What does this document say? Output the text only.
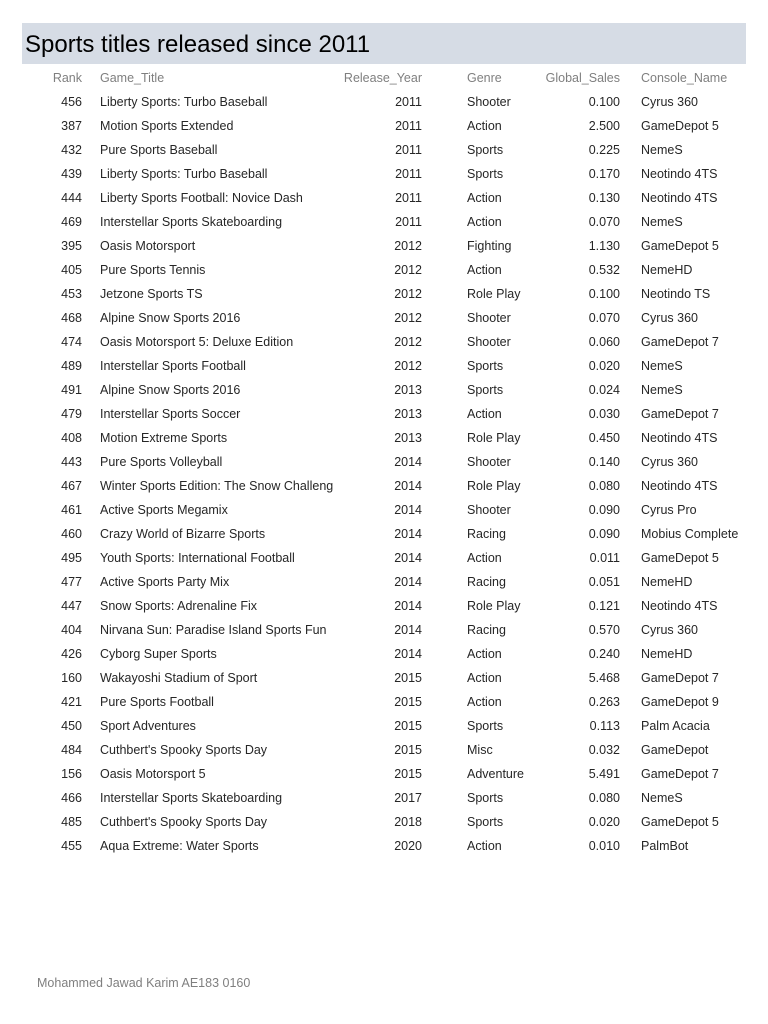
Sports titles released since 2011
Rank Game_Title	Release_Year	Genre	Global_Sales Console_Name
456 Liberty Sports: Turbo Baseball	2011	Shooter	0.100 Cyrus 360
387 Motion Sports Extended	2011	Action	2.500 GameDepot 5
432 Pure Sports Baseball	2011	Sports	0.225 NemeS
439 Liberty Sports: Turbo Baseball	2011	Sports	0.170 Neotindo 4TS
444 Liberty Sports Football: Novice Dash	2011	Action	0.130 Neotindo 4TS
469 Interstellar Sports Skateboarding	2011	Action	0.070 NemeS
395 Oasis Motorsport	2012	Fighting	1.130 GameDepot 5
405 Pure Sports Tennis	2012	Action	0.532 NemeHD
453 Jetzone Sports TS	2012	Role Play	0.100 Neotindo TS
468 Alpine Snow Sports 2016	2012	Shooter	0.070 Cyrus 360
474 Oasis Motorsport 5: Deluxe Edition	2012	Shooter	0.060 GameDepot 7
489 Interstellar Sports Football	2012	Sports	0.020 NemeS
491 Alpine Snow Sports 2016	2013	Sports	0.024 NemeS
479 Interstellar Sports Soccer	2013	Action	0.030 GameDepot 7
408 Motion Extreme Sports	2013	Role Play	0.450 Neotindo 4TS
443 Pure Sports Volleyball	2014	Shooter	0.140 Cyrus 360
467 Winter Sports Edition: The Snow Challeng	2014	Role Play	0.080 Neotindo 4TS
461 Active Sports Megamix	2014	Shooter	0.090 Cyrus Pro
460 Crazy World of Bizarre Sports	2014	Racing	0.090 Mobius Complete
495 Youth Sports: International Football	2014	Action	0.011 GameDepot 5
477 Active Sports Party Mix	2014	Racing	0.051 NemeHD
447 Snow Sports: Adrenaline Fix	2014	Role Play	0.121 Neotindo 4TS
404 Nirvana Sun: Paradise Island Sports Fun	2014	Racing	0.570 Cyrus 360
426 Cyborg Super Sports	2014	Action	0.240 NemeHD
160 Wakayoshi Stadium of Sport	2015	Action	5.468 GameDepot 7
421 Pure Sports Football	2015	Action	0.263 GameDepot 9
450 Sport Adventures	2015	Sports	0.113 Palm Acacia
484 Cuthbert's Spooky Sports Day	2015	Misc	0.032 GameDepot
156 Oasis Motorsport 5	2015	Adventure	5.491 GameDepot 7
466 Interstellar Sports Skateboarding	2017	Sports	0.080 NemeS
485 Cuthbert's Spooky Sports Day	2018	Sports	0.020 GameDepot 5
455 Aqua Extreme: Water Sports	2020	Action	0.010 PalmBot
Mohammed Jawad Karim AE183 0160
